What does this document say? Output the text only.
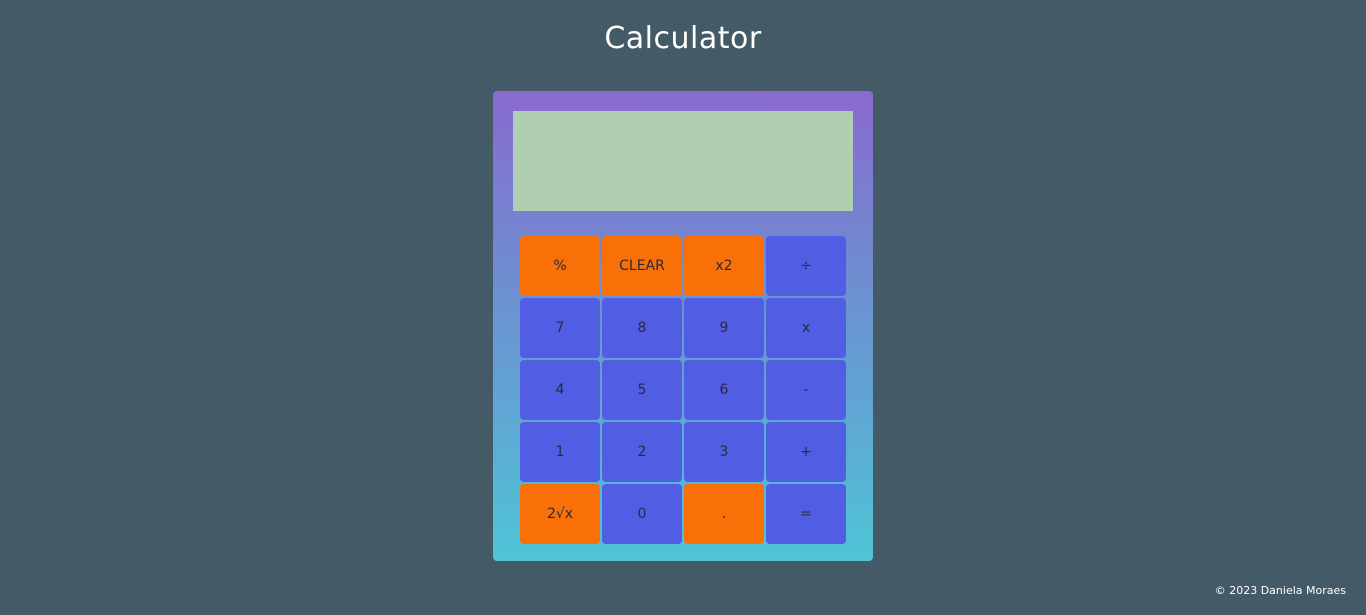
Calculator
%	CLEAR	x2	÷
7	8	9	x
4	5	6	-
1	2	3	+
2√x	0	.	=
© 2023 Daniela Moraes
